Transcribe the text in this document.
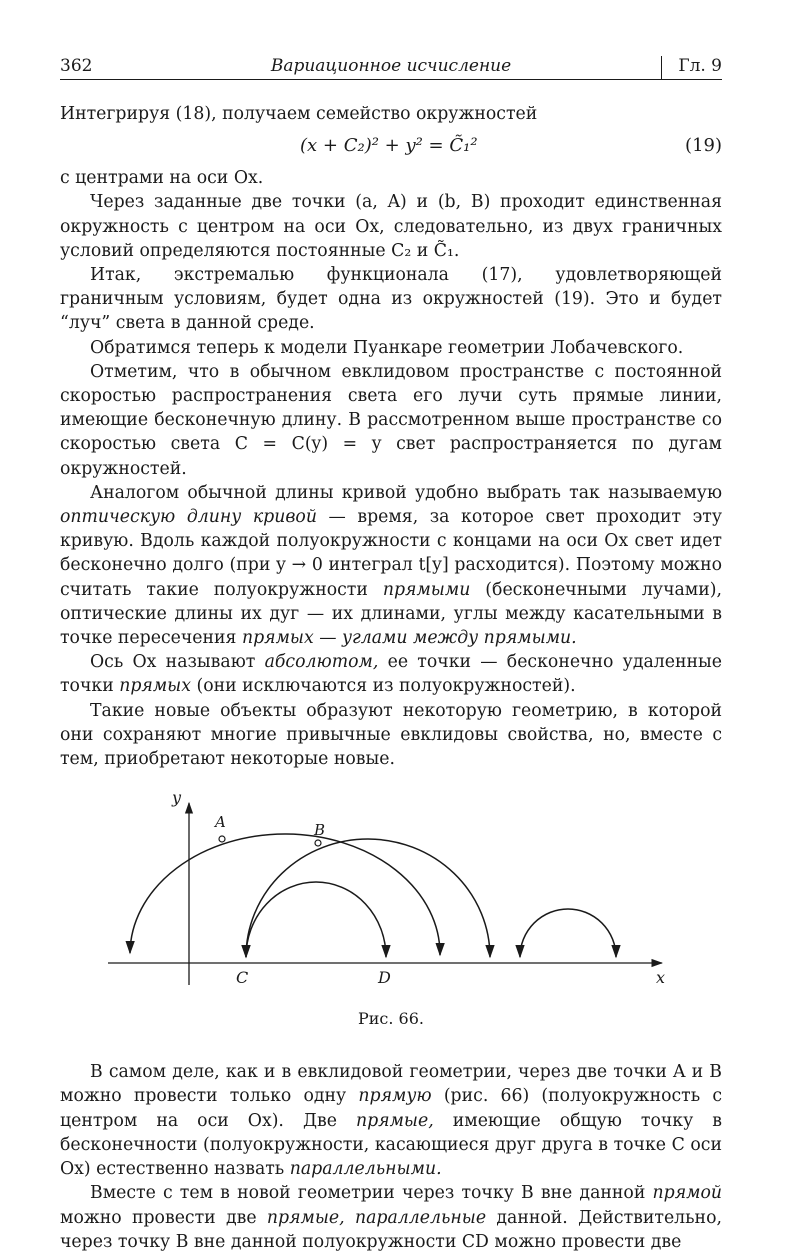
362	Вариационное исчисление	Гл. 9

Интегрируя (18), получаем семейство окружностей

(x + C₂)² + y² = C̃₁²	(19)

с центрами на оси Ox.

Через заданные две точки (a, A) и (b, B) проходит единственная окружность с центром на оси Ox, следовательно, из двух граничных условий определяются постоянные C₂ и C̃₁.

Итак, экстремалью функционала (17), удовлетворяющей граничным условиям, будет одна из окружностей (19). Это и будет “луч” света в данной среде.

Обратимся теперь к модели Пуанкаре геометрии Лобачевского.

Отметим, что в обычном евклидовом пространстве с постоянной скоростью распространения света его лучи суть прямые линии, имеющие бесконечную длину. В рассмотренном выше пространстве со скоростью света C = C(y) = y свет распространяется по дугам окружностей.

Аналогом обычной длины кривой удобно выбрать так называемую оптическую длину кривой — время, за которое свет проходит эту кривую. Вдоль каждой полуокружности с концами на оси Ox свет идет бесконечно долго (при y → 0 интеграл t[y] расходится). Поэтому можно считать такие полуокружности прямыми (бесконечными лучами), оптические длины их дуг — их длинами, углы между касательными в точке пересечения прямых — углами между прямыми.

Ось Ox называют абсолютом, ее точки — бесконечно удаленные точки прямых (они исключаются из полуокружностей).

Такие новые объекты образуют некоторую геометрию, в которой они сохраняют многие привычные евклидовы свойства, но, вместе с тем, приобретают некоторые новые.

y
x
A	B
C	D
Рис. 66.

В самом деле, как и в евклидовой геометрии, через две точки A и B можно провести только одну прямую (рис. 66) (полуокружность с центром на оси Ox). Две прямые, имеющие общую точку в бесконечности (полуокружности, касающиеся друг друга в точке C оси Ox) естественно назвать параллельными.

Вместе с тем в новой геометрии через точку B вне данной прямой можно провести две прямые, параллельные данной. Действительно, через точку B вне данной полуокружности CD можно провести две
